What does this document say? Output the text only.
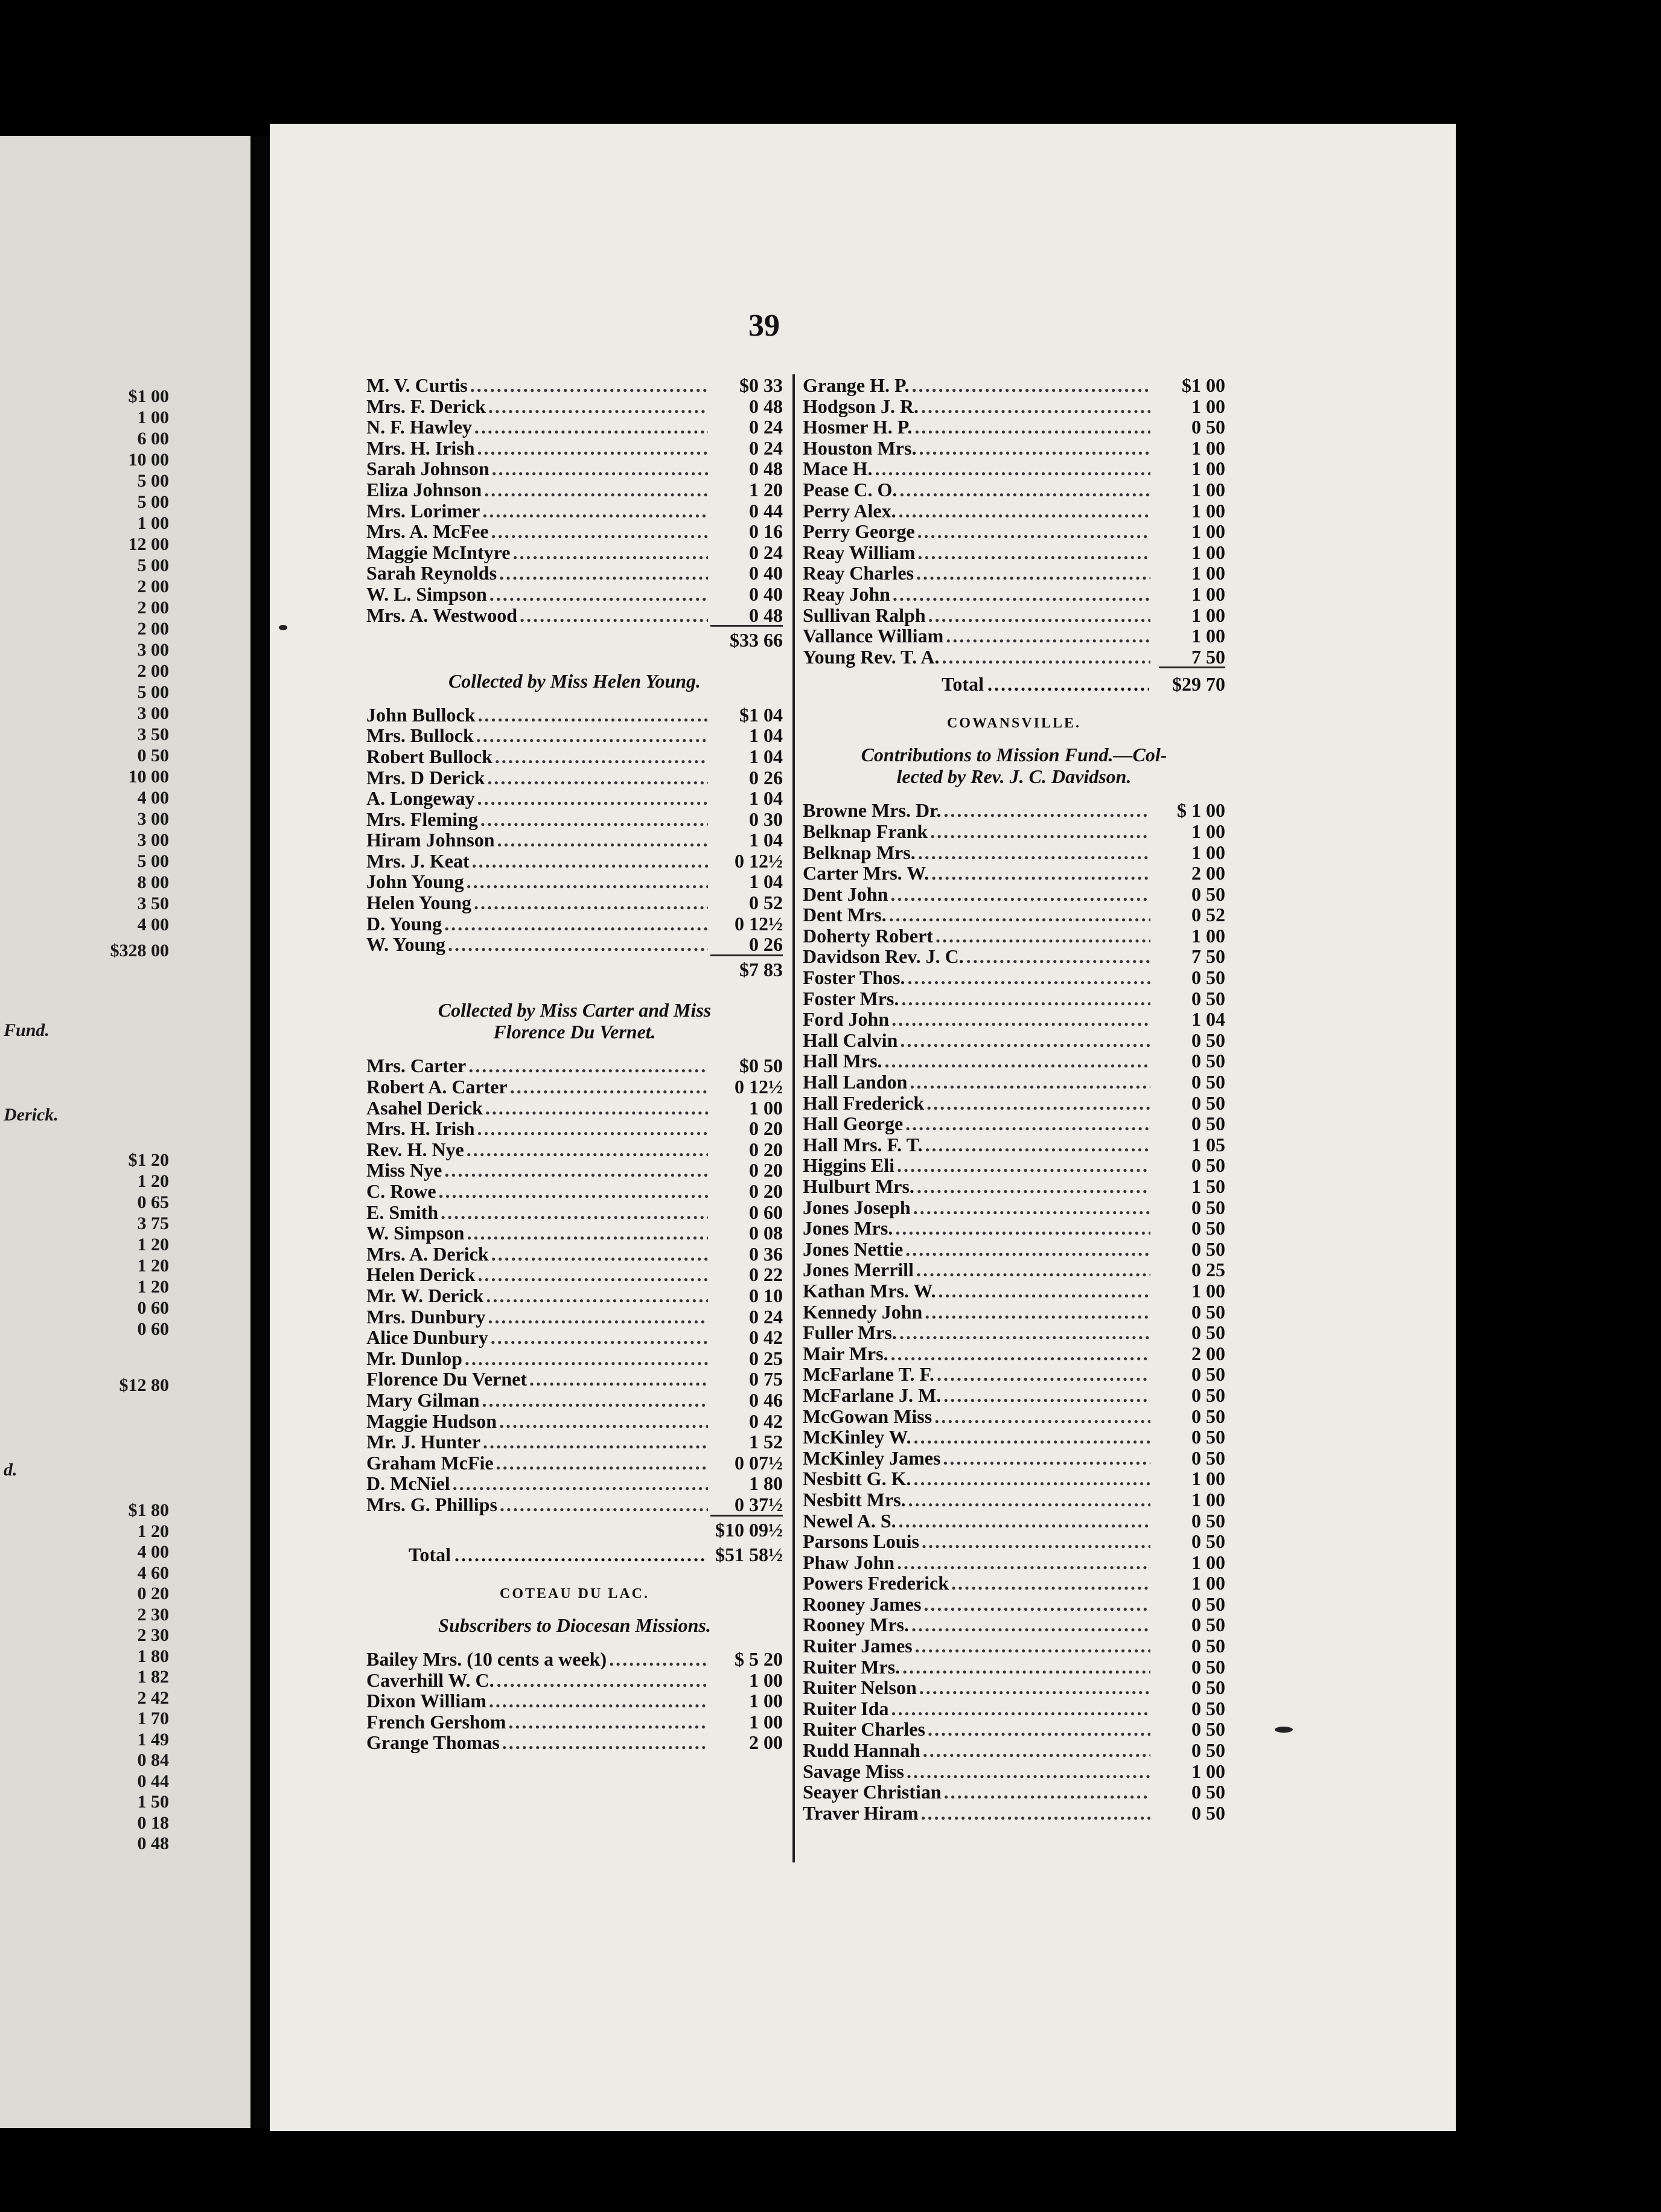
$1 00
1 00
6 00
10 00
5 00
5 00
1 00
12 00
5 00
2 00
2 00
2 00
3 00
2 00
5 00
3 00
3 50
0 50
10 00
4 00
3 00
3 00
5 00
8 00
3 50
4 00
$328 00
Fund.
Derick.
$1 20
1 20
0 65
3 75
1 20
1 20
1 20
0 60
0 60
$12 80
d.
$1 80
1 20
4 00
4 60
0 20
2 30
2 30
1 80
1 82
2 42
1 70
1 49
0 84
0 44
1 50
0 18
0 48
39
M. V. Curtis .....	$0 33
Mrs. F. Derick .....	0 48
N. F. Hawley .....	0 24
Mrs. H. Irish .....	0 24
Sarah Johnson .....	0 48
Eliza Johnson .....	1 20
Mrs. Lorimer .....	0 44
Mrs. A. McFee .....	0 16
Maggie McIntyre .....	0 24
Sarah Reynolds .....	0 40
W. L. Simpson .....	0 40
Mrs. A. Westwood .....	0 48
$33 66
Collected by Miss Helen Young.
John Bullock .....	$1 04
Mrs. Bullock .....	1 04
Robert Bullock .....	1 04
Mrs. D Derick .....	0 26
A. Longeway .....	1 04
Mrs. Fleming .....	0 30
Hiram Johnson .....	1 04
Mrs. J. Keat .....	0 12½
John Young .....	1 04
Helen Young .....	0 52
D. Young .....	0 12½
W. Young .....	0 26
$7 83
Collected by Miss Carter and Miss
Florence Du Vernet.
Mrs. Carter .....	$0 50
Robert A. Carter .....	0 12½
Asahel Derick .....	1 00
Mrs. H. Irish .....	0 20
Rev. H. Nye .....	0 20
Miss Nye .....	0 20
C. Rowe .....	0 20
E. Smith .....	0 60
W. Simpson .....	0 08
Mrs. A. Derick .....	0 36
Helen Derick .....	0 22
Mr. W. Derick .....	0 10
Mrs. Dunbury .....	0 24
Alice Dunbury .....	0 42
Mr. Dunlop .....	0 25
Florence Du Vernet .....	0 75
Mary Gilman .....	0 46
Maggie Hudson .....	0 42
Mr. J. Hunter .....	1 52
Graham McFie .....	0 07½
D. McNiel .....	1 80
Mrs. G. Phillips .....	0 37½
$10 09½
Total .....	$51 58½
COTEAU DU LAC.
Subscribers to Diocesan Missions.
Bailey Mrs. (10 cents a week) .....	$ 5 20
Caverhill W. C. .....	1 00
Dixon William .....	1 00
French Gershom .....	1 00
Grange Thomas .....	2 00
Grange H. P. .....	$1 00
Hodgson J. R. .....	1 00
Hosmer H. P. .....	0 50
Houston Mrs. .....	1 00
Mace H. .....	1 00
Pease C. O. .....	1 00
Perry Alex. .....	1 00
Perry George .....	1 00
Reay William .....	1 00
Reay Charles .....	1 00
Reay John .....	1 00
Sullivan Ralph .....	1 00
Vallance William .....	1 00
Young Rev. T. A. .....	7 50
Total .....	$29 70
COWANSVILLE.
Contributions to Mission Fund.—Col-
lected by Rev. J. C. Davidson.
Browne Mrs. Dr. .....	$ 1 00
Belknap Frank .....	1 00
Belknap Mrs. .....	1 00
Carter Mrs. W. .....	2 00
Dent John .....	0 50
Dent Mrs. .....	0 52
Doherty Robert .....	1 00
Davidson Rev. J. C. .....	7 50
Foster Thos. .....	0 50
Foster Mrs. .....	0 50
Ford John .....	1 04
Hall Calvin .....	0 50
Hall Mrs. .....	0 50
Hall Landon .....	0 50
Hall Frederick .....	0 50
Hall George .....	0 50
Hall Mrs. F. T. .....	1 05
Higgins Eli .....	0 50
Hulburt Mrs. .....	1 50
Jones Joseph .....	0 50
Jones Mrs. .....	0 50
Jones Nettie .....	0 50
Jones Merrill .....	0 25
Kathan Mrs. W. .....	1 00
Kennedy John .....	0 50
Fuller Mrs. .....	0 50
Mair Mrs. .....	2 00
McFarlane T. F. .....	0 50
McFarlane J. M. .....	0 50
McGowan Miss .....	0 50
McKinley W. .....	0 50
McKinley James .....	0 50
Nesbitt G. K. .....	1 00
Nesbitt Mrs. .....	1 00
Newel A. S. .....	0 50
Parsons Louis .....	0 50
Phaw John .....	1 00
Powers Frederick .....	1 00
Rooney James .....	0 50
Rooney Mrs. .....	0 50
Ruiter James .....	0 50
Ruiter Mrs. .....	0 50
Ruiter Nelson .....	0 50
Ruiter Ida .....	0 50
Ruiter Charles .....	0 50
Rudd Hannah .....	0 50
Savage Miss .....	1 00
Seayer Christian .....	0 50
Traver Hiram .....	0 50
